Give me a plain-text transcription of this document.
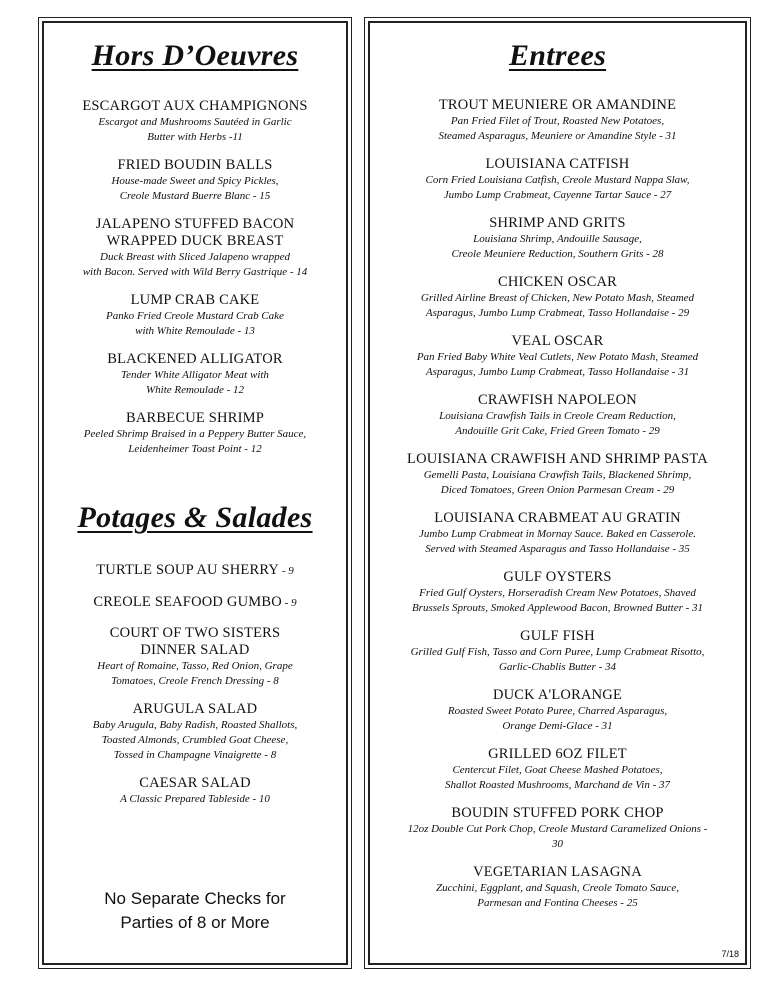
Hors D’Oeuvres
ESCARGOT AUX CHAMPIGNONS
Escargot and Mushrooms Sautéed in Garlic
Butter with Herbs -11
FRIED BOUDIN BALLS
House-made Sweet and Spicy Pickles,
Creole Mustard Buerre Blanc - 15
JALAPENO STUFFED BACON
WRAPPED DUCK BREAST
Duck Breast with Sliced Jalapeno wrapped
with Bacon. Served with Wild Berry Gastrique - 14
LUMP CRAB CAKE
Panko Fried Creole Mustard Crab Cake
with White Remoulade - 13
BLACKENED ALLIGATOR
Tender White Alligator Meat with
White Remoulade - 12
BARBECUE SHRIMP
Peeled Shrimp Braised in a Peppery Butter Sauce,
Leidenheimer Toast Point - 12
Potages & Salades
TURTLE SOUP AU SHERRY - 9
CREOLE SEAFOOD GUMBO - 9
COURT OF TWO SISTERS
DINNER SALAD
Heart of Romaine, Tasso, Red Onion, Grape
Tomatoes, Creole French Dressing - 8
ARUGULA SALAD
Baby Arugula, Baby Radish, Roasted Shallots,
Toasted Almonds, Crumbled Goat Cheese,
Tossed in Champagne Vinaigrette - 8
CAESAR SALAD
A Classic Prepared Tableside - 10
No Separate Checks for
Parties of 8 or More
Entrees
TROUT MEUNIERE OR AMANDINE
Pan Fried Filet of Trout, Roasted New Potatoes,
Steamed Asparagus, Meuniere or Amandine Style - 31
LOUISIANA CATFISH
Corn Fried Louisiana Catfish, Creole Mustard Nappa Slaw,
Jumbo Lump Crabmeat, Cayenne Tartar Sauce - 27
SHRIMP AND GRITS
Louisiana Shrimp, Andouille Sausage,
Creole Meuniere Reduction, Southern Grits - 28
CHICKEN OSCAR
Grilled Airline Breast of Chicken, New Potato Mash, Steamed
Asparagus, Jumbo Lump Crabmeat, Tasso Hollandaise - 29
VEAL OSCAR
Pan Fried Baby White Veal Cutlets, New Potato Mash, Steamed
Asparagus, Jumbo Lump Crabmeat, Tasso Hollandaise - 31
CRAWFISH NAPOLEON
Louisiana Crawfish Tails in Creole Cream Reduction,
Andouille Grit Cake, Fried Green Tomato - 29
LOUISIANA CRAWFISH AND SHRIMP PASTA
Gemelli Pasta, Louisiana Crawfish Tails, Blackened Shrimp,
Diced Tomatoes, Green Onion Parmesan Cream - 29
LOUISIANA CRABMEAT AU GRATIN
Jumbo Lump Crabmeat in Mornay Sauce. Baked en Casserole.
Served with Steamed Asparagus and Tasso Hollandaise - 35
GULF OYSTERS
Fried Gulf Oysters, Horseradish Cream New Potatoes, Shaved
Brussels Sprouts, Smoked Applewood Bacon, Browned Butter - 31
GULF FISH
Grilled Gulf Fish, Tasso and Corn Puree, Lump Crabmeat Risotto,
Garlic-Chablis Butter - 34
DUCK A'LORANGE
Roasted Sweet Potato Puree, Charred Asparagus,
Orange Demi-Glace - 31
GRILLED 6OZ FILET
Centercut Filet, Goat Cheese Mashed Potatoes,
Shallot Roasted Mushrooms, Marchand de Vin - 37
BOUDIN STUFFED PORK CHOP
12oz Double Cut Pork Chop, Creole Mustard Caramelized Onions -
30
VEGETARIAN LASAGNA
Zucchini, Eggplant, and Squash, Creole Tomato Sauce,
Parmesan and Fontina Cheeses - 25
7/18
